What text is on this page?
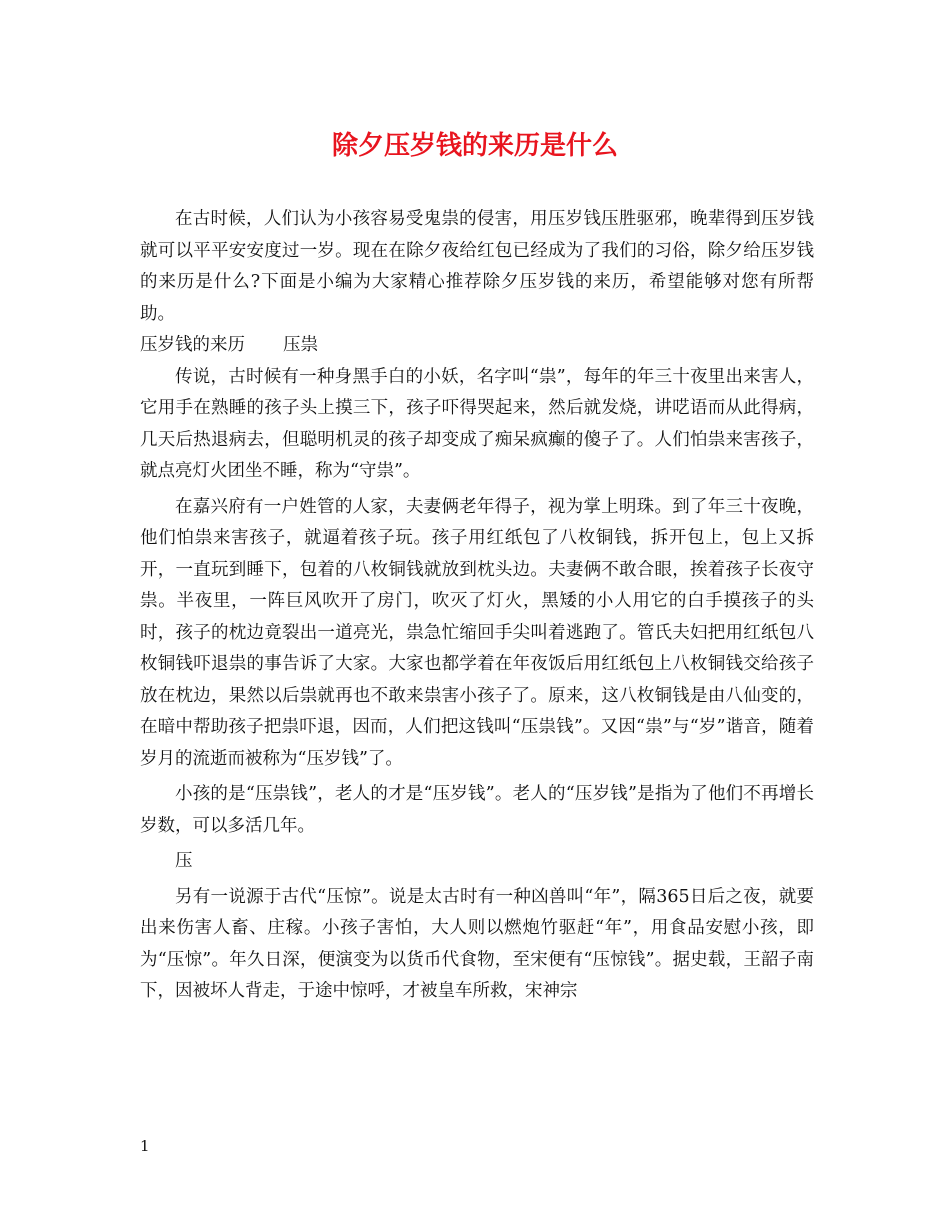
除夕压岁钱的来历是什么

在古时候，人们认为小孩容易受鬼祟的侵害，用压岁钱压胜驱邪，晚辈得到压岁钱就可以平平安安度过一岁。现在在除夕夜给红包已经成为了我们的习俗，除夕给压岁钱的来历是什么?下面是小编为大家精心推荐除夕压岁钱的来历，希望能够对您有所帮助。

压岁钱的来历 压祟

传说，古时候有一种身黑手白的小妖，名字叫“祟”，每年的年三十夜里出来害人，它用手在熟睡的孩子头上摸三下，孩子吓得哭起来，然后就发烧，讲呓语而从此得病，几天后热退病去，但聪明机灵的孩子却变成了痴呆疯癫的傻子了。人们怕祟来害孩子，就点亮灯火团坐不睡，称为“守祟”。

在嘉兴府有一户姓管的人家，夫妻俩老年得子，视为掌上明珠。到了年三十夜晚，他们怕祟来害孩子，就逼着孩子玩。孩子用红纸包了八枚铜钱，拆开包上，包上又拆开，一直玩到睡下，包着的八枚铜钱就放到枕头边。夫妻俩不敢合眼，挨着孩子长夜守祟。半夜里，一阵巨风吹开了房门，吹灭了灯火，黑矮的小人用它的白手摸孩子的头时，孩子的枕边竟裂出一道亮光，祟急忙缩回手尖叫着逃跑了。管氏夫妇把用红纸包八枚铜钱吓退祟的事告诉了大家。大家也都学着在年夜饭后用红纸包上八枚铜钱交给孩子放在枕边，果然以后祟就再也不敢来祟害小孩子了。原来，这八枚铜钱是由八仙变的，在暗中帮助孩子把祟吓退，因而，人们把这钱叫“压祟钱”。又因“祟”与“岁”谐音，随着岁月的流逝而被称为“压岁钱”了。

小孩的是“压祟钱”，老人的才是“压岁钱”。老人的“压岁钱”是指为了他们不再增长岁数，可以多活几年。

压

另有一说源于古代“压惊”。说是太古时有一种凶兽叫“年”，隔365日后之夜，就要出来伤害人畜、庄稼。小孩子害怕，大人则以燃炮竹驱赶“年”，用食品安慰小孩，即为“压惊”。年久日深，便演变为以货币代食物，至宋便有“压惊钱”。据史载，王韶子南下，因被坏人背走，于途中惊呼，才被皇车所救，宋神宗

1
